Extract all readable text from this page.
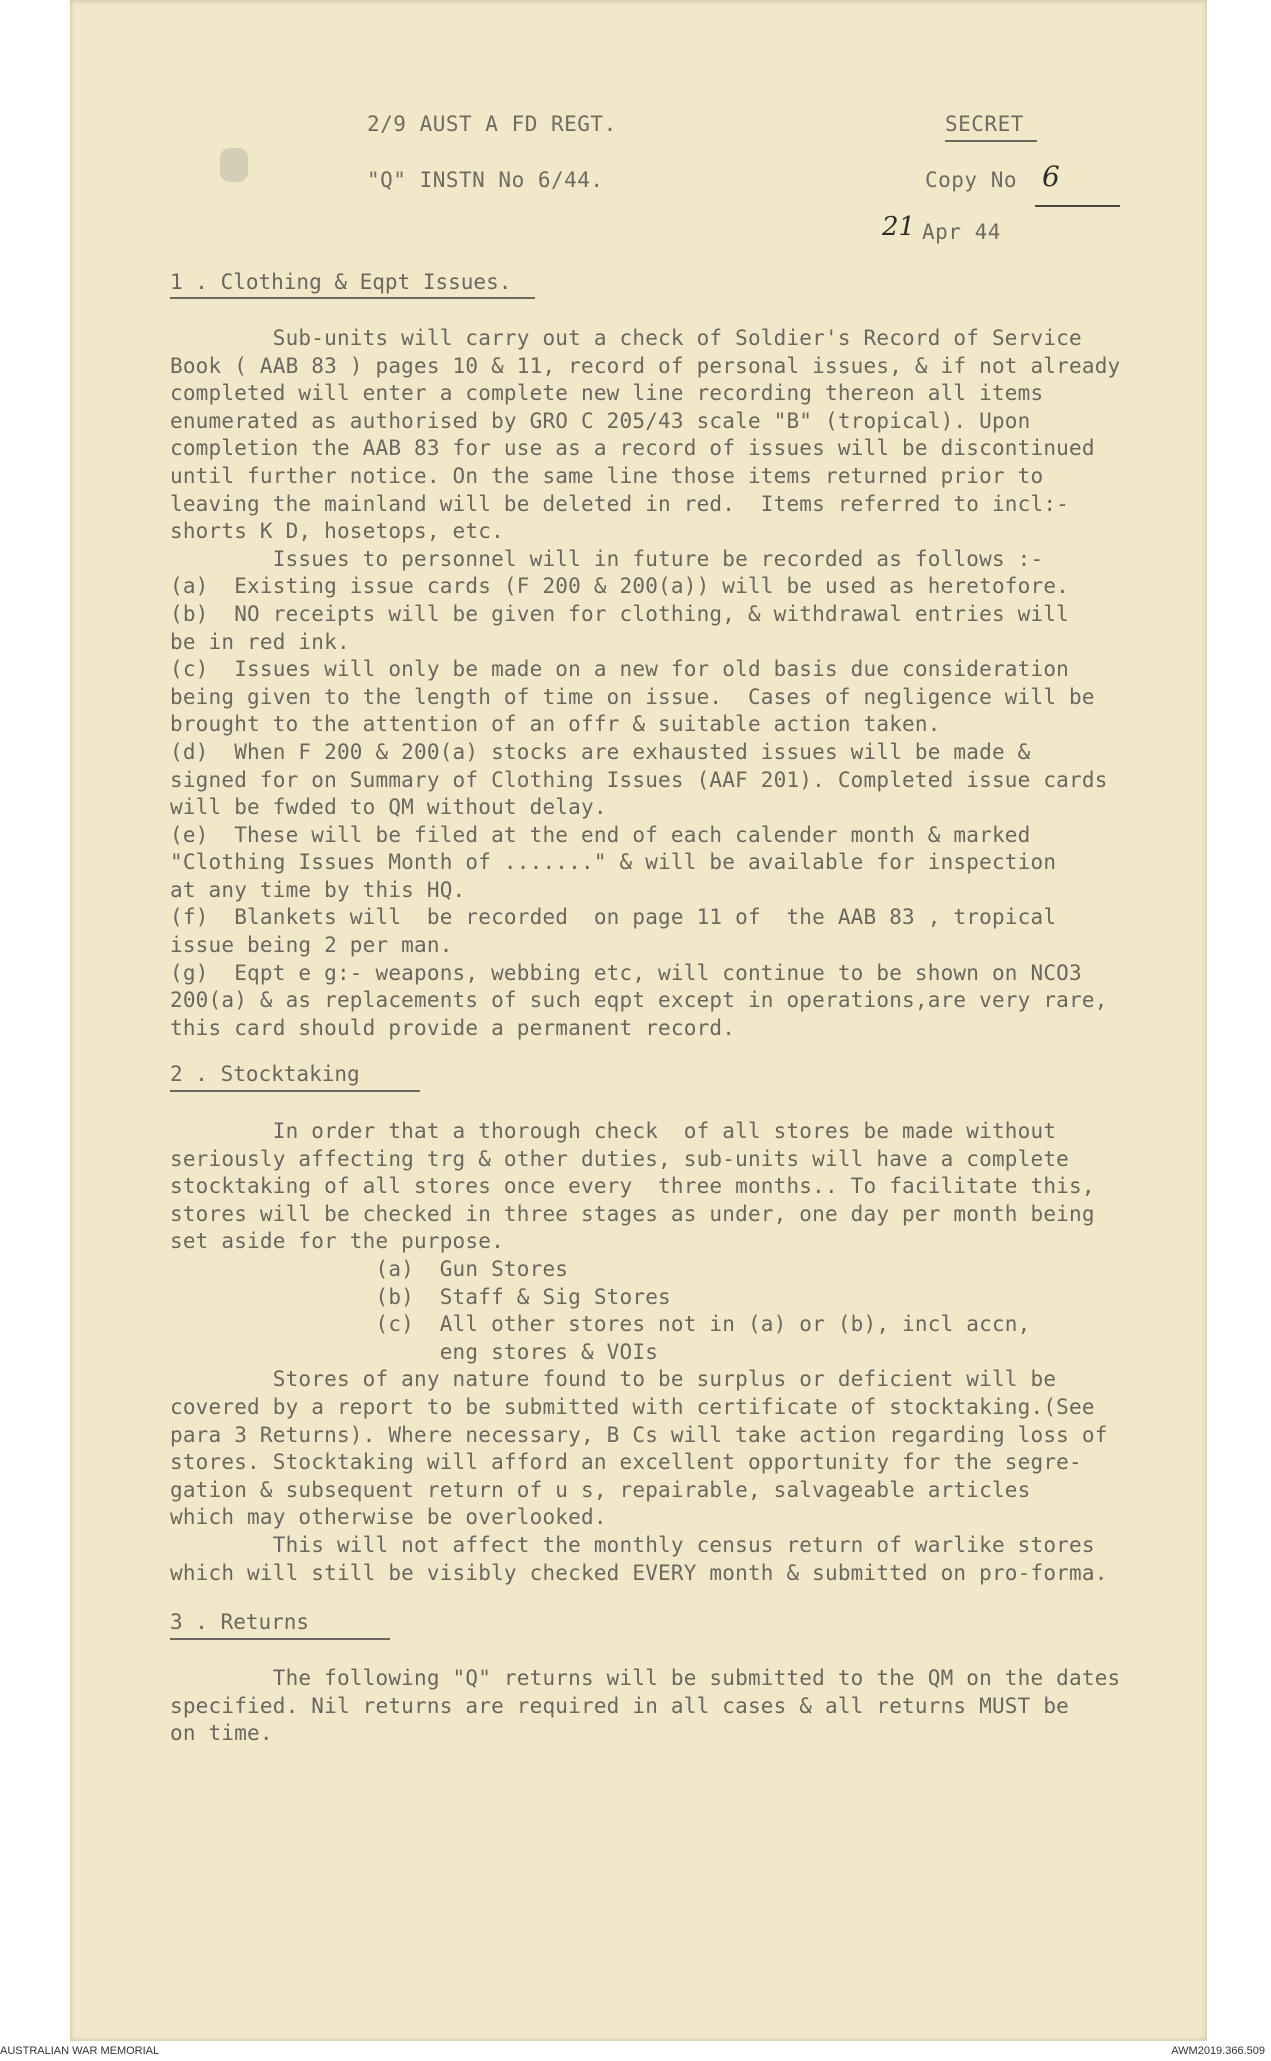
2/9 AUST A FD REGT.	SECRET
"Q" INSTN No 6/44.	Copy No 6
21 Apr 44
1 . Clothing & Eqpt Issues.
Sub-units will carry out a check of Soldier's Record of Service
Book ( AAB 83 ) pages 10 & 11, record of personal issues, & if not already
completed will enter a complete new line recording thereon all items
enumerated as authorised by GRO C 205/43 scale "B" (tropical). Upon
completion the AAB 83 for use as a record of issues will be discontinued
until further notice. On the same line those items returned prior to
leaving the mainland will be deleted in red.  Items referred to incl:-
shorts K D, hosetops, etc.
Issues to personnel will in future be recorded as follows :-
(a)  Existing issue cards (F 200 & 200(a)) will be used as heretofore.
(b)  NO receipts will be given for clothing, & withdrawal entries will
be in red ink.
(c)  Issues will only be made on a new for old basis due consideration
being given to the length of time on issue.  Cases of negligence will be
brought to the attention of an offr & suitable action taken.
(d)  When F 200 & 200(a) stocks are exhausted issues will be made &
signed for on Summary of Clothing Issues (AAF 201). Completed issue cards
will be fwded to QM without delay.
(e)  These will be filed at the end of each calender month & marked
"Clothing Issues Month of ......." & will be available for inspection
at any time by this HQ.
(f)  Blankets will  be recorded  on page 11 of  the AAB 83 , tropical
issue being 2 per man.
(g)  Eqpt e g:- weapons, webbing etc, will continue to be shown on NCO3
200(a) & as replacements of such eqpt except in operations,are very rare,
this card should provide a permanent record.
2 . Stocktaking
In order that a thorough check  of all stores be made without
seriously affecting trg & other duties, sub-units will have a complete
stocktaking of all stores once every  three months.. To facilitate this,
stores will be checked in three stages as under, one day per month being
set aside for the purpose.
(a)  Gun Stores
(b)  Staff & Sig Stores
(c)  All other stores not in (a) or (b), incl accn,
eng stores & VOIs
Stores of any nature found to be surplus or deficient will be
covered by a report to be submitted with certificate of stocktaking.(See
para 3 Returns). Where necessary, B Cs will take action regarding loss of
stores. Stocktaking will afford an excellent opportunity for the segre-
gation & subsequent return of u s, repairable, salvageable articles
which may otherwise be overlooked.
This will not affect the monthly census return of warlike stores
which will still be visibly checked EVERY month & submitted on pro-forma.
3 . Returns
The following "Q" returns will be submitted to the QM on the dates
specified. Nil returns are required in all cases & all returns MUST be
on time.
AUSTRALIAN WAR MEMORIAL	AWM2019.366.509
